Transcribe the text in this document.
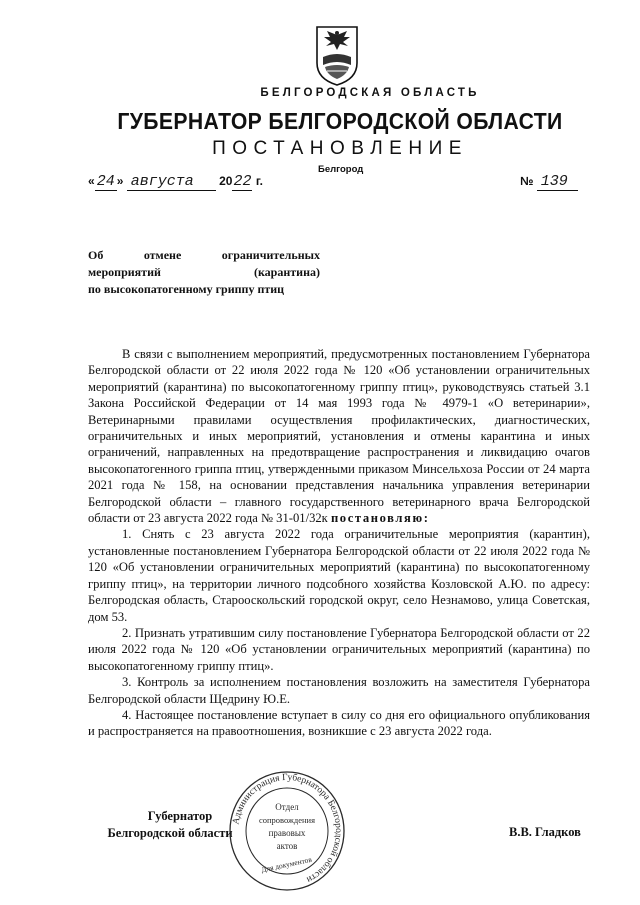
БЕЛГОРОДСКАЯ ОБЛАСТЬ
ГУБЕРНАТОР БЕЛГОРОДСКОЙ ОБЛАСТИ
ПОСТАНОВЛЕНИЕ
Белгород
« 24 » августа 2022 г.	№ 139
Об	отмене	ограничительных
мероприятий	(карантина)
по высокопатогенному гриппу птиц

В связи с выполнением мероприятий, предусмотренных постановлением Губернатора Белгородской области от 22 июля 2022 года № 120 «Об установлении ограничительных мероприятий (карантина) по высокопатогенному гриппу птиц», руководствуясь статьей 3.1 Закона Российской Федерации от 14 мая 1993 года № 4979-1 «О ветеринарии», Ветеринарными правилами осуществления профилактических, диагностических, ограничительных и иных мероприятий, установления и отмены карантина и иных ограничений, направленных на предотвращение распространения и ликвидацию очагов высокопатогенного гриппа птиц, утвержденными приказом Минсельхоза России от 24 марта 2021 года № 158, на основании представления начальника управления ветеринарии Белгородской области – главного государственного ветеринарного врача Белгородской области от 23 августа 2022 года № 31-01/32к постановляю:

1. Снять с 23 августа 2022 года ограничительные мероприятия (карантин), установленные постановлением Губернатора Белгородской области от 22 июля 2022 года № 120 «Об установлении ограничительных мероприятий (карантина) по высокопатогенному гриппу птиц», на территории личного подсобного хозяйства Козловской А.Ю. по адресу: Белгородская область, Старооскольский городской округ, село Незнамово, улица Советская, дом 53.

2. Признать утратившим силу постановление Губернатора Белгородской области от 22 июля 2022 года № 120 «Об установлении ограничительных мероприятий (карантина) по высокопатогенному гриппу птиц».

3. Контроль за исполнением постановления возложить на заместителя Губернатора Белгородской области Щедрину Ю.Е.

4. Настоящее постановление вступает в силу со дня его официального опубликования и распространяется на правоотношения, возникшие с 23 августа 2022 года.

Губернатор
Белгородской области	В.В. Гладков
Администрация Губернатора Белгородской области
Отдел
сопровождения
правовых
актов
Для документов
